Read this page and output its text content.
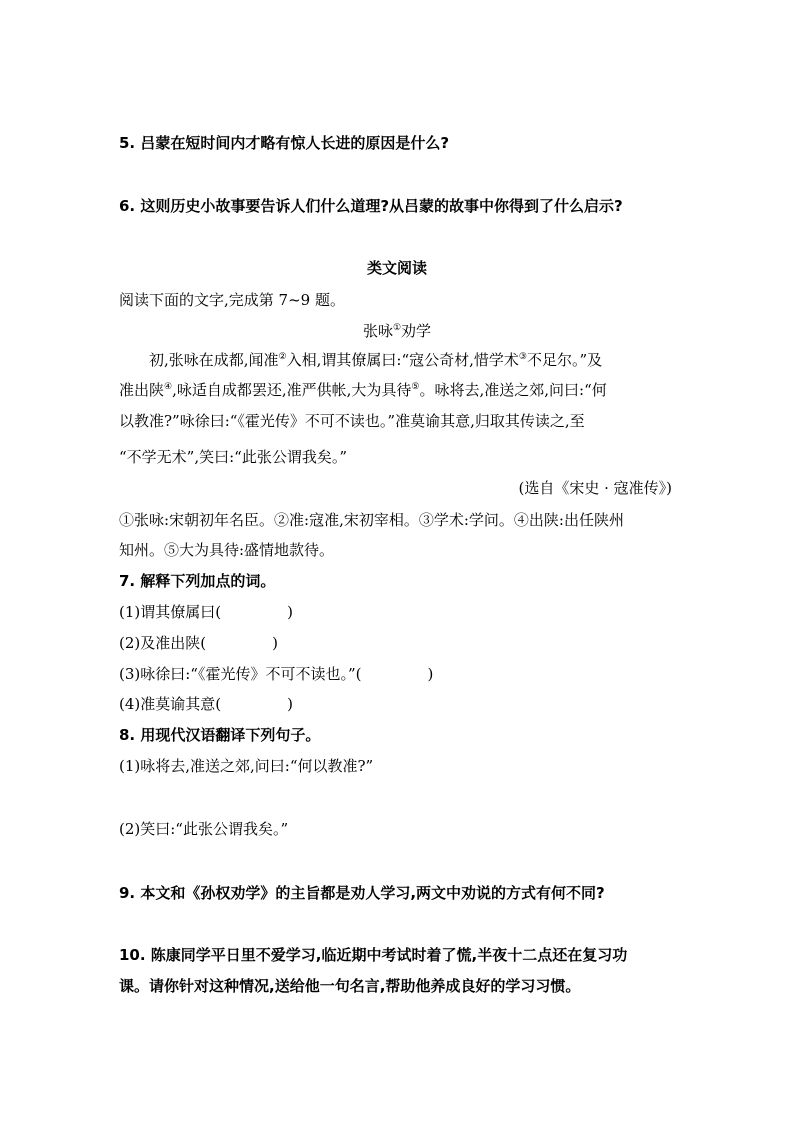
5. 吕蒙在短时间内才略有惊人长进的原因是什么?
6. 这则历史小故事要告诉人们什么道理?从吕蒙的故事中你得到了什么启示?
类文阅读
阅读下面的文字,完成第 7~9 题。
张咏①劝学
初,张咏在成都,闻准②入相,谓其僚属曰:“寇公奇材,惜学术③不足尔。”及
准出陕④,咏适自成都罢还,准严供帐,大为具待⑤。咏将去,准送之郊,问曰:“何
以教准?”咏徐曰:“《霍光传》不可不读也。”准莫谕其意,归取其传读之,至
“不学无术”,笑曰:“此张公谓我矣。”
(选自《宋史 · 寇准传》)
①张咏:宋朝初年名臣。②准:寇准,宋初宰相。③学术:学问。④出陕:出任陕州
知州。⑤大为具待:盛情地款待。
7. 解释下列加点的词。
(1)谓其僚属曰(	)
(2)及准出陕(	)
(3)咏徐曰:“《霍光传》不可不读也。”(	)
(4)准莫谕其意(	)
8. 用现代汉语翻译下列句子。
(1)咏将去,准送之郊,问曰:“何以教准?”
(2)笑曰:“此张公谓我矣。”
9. 本文和《孙权劝学》的主旨都是劝人学习,两文中劝说的方式有何不同?
10. 陈康同学平日里不爱学习,临近期中考试时着了慌,半夜十二点还在复习功
课。请你针对这种情况,送给他一句名言,帮助他养成良好的学习习惯。
